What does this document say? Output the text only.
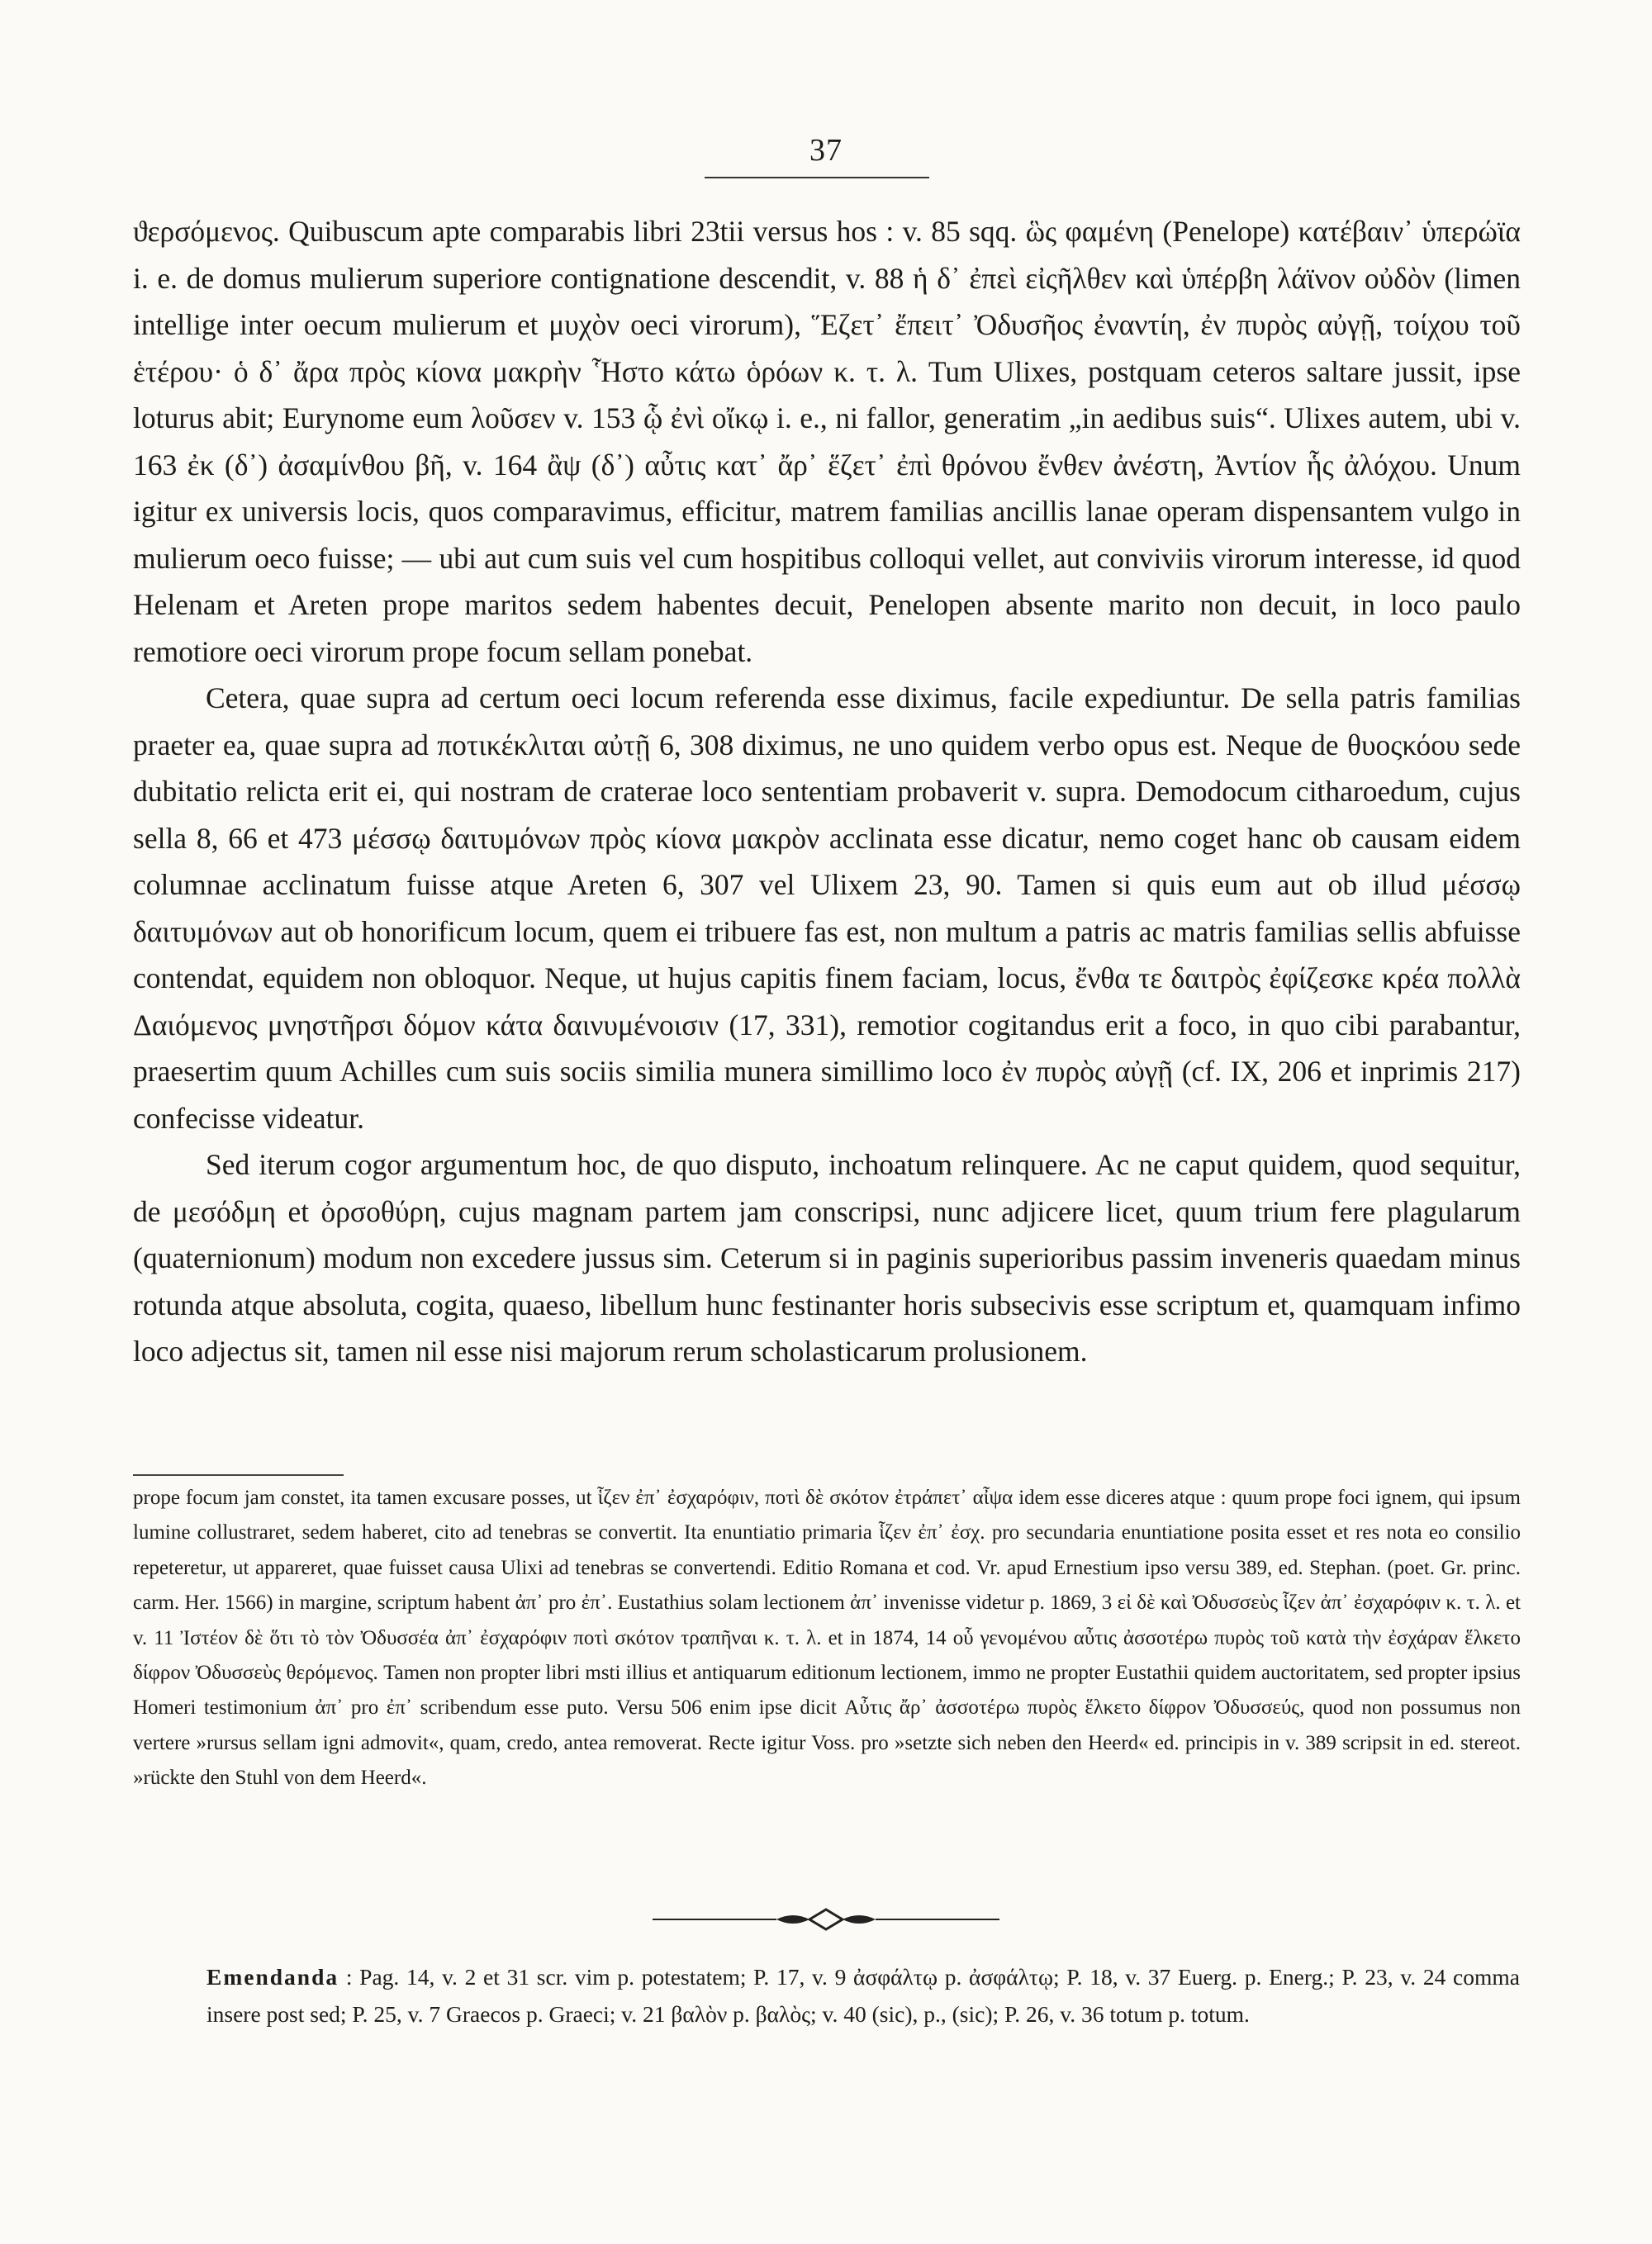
37

ϑερσόμενος. Quibuscum apte comparabis libri 23tii versus hos : v. 85 sqq. ὣς φαμένη (Penelope) κατέβαιν᾽ ὑπερώϊα i. e. de domus mulierum superiore contignatione descendit, v. 88 ἡ δ᾽ ἐπεὶ εἰςῆλθεν καὶ ὑπέρβη λάϊνον οὐδὸν (limen intellige inter oecum mulierum et μυχὸν oeci virorum), Ἕζετ᾽ ἔπειτ᾽ Ὀδυσῆος ἐναντίη, ἐν πυρὸς αὐγῇ, τοίχου τοῦ ἑτέρου· ὁ δ᾽ ἄρα πρὸς κίονα μακρὴν Ἧστο κάτω ὁρόων κ. τ. λ. Tum Ulixes, postquam ceteros saltare jussit, ipse loturus abit; Eurynome eum λοῦσεν v. 153 ᾧ ἐνὶ οἴκῳ i. e., ni fallor, generatim „in aedibus suis“. Ulixes autem, ubi v. 163 ἐκ (δ᾽) ἀσαμίνθου βῆ, v. 164 ἂψ (δ᾽) αὖτις κατ᾽ ἄρ᾽ ἕζετ᾽ ἐπὶ θρόνου ἔνθεν ἀνέστη, Ἀντίον ἧς ἀλόχου. Unum igitur ex universis locis, quos comparavimus, efficitur, matrem familias ancillis lanae operam dispensantem vulgo in mulierum oeco fuisse; — ubi aut cum suis vel cum hospitibus colloqui vellet, aut conviviis virorum interesse, id quod Helenam et Areten prope maritos sedem habentes decuit, Penelopen absente marito non decuit, in loco paulo remotiore oeci virorum prope focum sellam ponebat.

Cetera, quae supra ad certum oeci locum referenda esse diximus, facile expediuntur. De sella patris familias praeter ea, quae supra ad ποτικέκλιται αὐτῇ 6, 308 diximus, ne uno quidem verbo opus est. Neque de θυοςκόου sede dubitatio relicta erit ei, qui nostram de craterae loco sententiam probaverit v. supra. Demodocum citharoedum, cujus sella 8, 66 et 473 μέσσῳ δαιτυμόνων πρὸς κίονα μακρὸν acclinata esse dicatur, nemo coget hanc ob causam eidem columnae acclinatum fuisse atque Areten 6, 307 vel Ulixem 23, 90. Tamen si quis eum aut ob illud μέσσῳ δαιτυμόνων aut ob honorificum locum, quem ei tribuere fas est, non multum a patris ac matris familias sellis abfuisse contendat, equidem non obloquor. Neque, ut hujus capitis finem faciam, locus, ἔνθα τε δαιτρὸς ἐφίζεσκε κρέα πολλὰ Δαιόμενος μνηστῆρσι δόμον κάτα δαινυμένοισιν (17, 331), remotior cogitandus erit a foco, in quo cibi parabantur, praesertim quum Achilles cum suis sociis similia munera simillimo loco ἐν πυρὸς αὐγῇ (cf. IX, 206 et inprimis 217) confecisse videatur.

Sed iterum cogor argumentum hoc, de quo disputo, inchoatum relinquere. Ac ne caput quidem, quod sequitur, de μεσόδμη et ὀρσοθύρη, cujus magnam partem jam conscripsi, nunc adjicere licet, quum trium fere plagularum (quaternionum) modum non excedere jussus sim. Ceterum si in paginis superioribus passim inveneris quaedam minus rotunda atque absoluta, cogita, quaeso, libellum hunc festinanter horis subsecivis esse scriptum et, quamquam infimo loco adjectus sit, tamen nil esse nisi majorum rerum scholasticarum prolusionem.

prope focum jam constet, ita tamen excusare posses, ut ἷζεν ἐπ᾽ ἐσχαρόφιν, ποτὶ δὲ σκότον ἐτράπετ᾽ αἶψα idem esse diceres atque : quum prope foci ignem, qui ipsum lumine collustraret, sedem haberet, cito ad tenebras se convertit. Ita enuntiatio primaria ἷζεν ἐπ᾽ ἐσχ. pro secundaria enuntiatione posita esset et res nota eo consilio repeteretur, ut appareret, quae fuisset causa Ulixi ad tenebras se convertendi. Editio Romana et cod. Vr. apud Ernestium ipso versu 389, ed. Stephan. (poet. Gr. princ. carm. Her. 1566) in margine, scriptum habent ἀπ᾽ pro ἐπ᾽. Eustathius solam lectionem ἀπ᾽ invenisse videtur p. 1869, 3 εἰ δὲ καὶ Ὀδυσσεὺς ἷζεν ἀπ᾽ ἐσχαρόφιν κ. τ. λ. et v. 11 Ἰστέον δὲ ὅτι τὸ τὸν Ὀδυσσέα ἀπ᾽ ἐσχαρόφιν ποτὶ σκότον τραπῆναι κ. τ. λ. et in 1874, 14 οὗ γενομένου αὖτις ἀσσοτέρω πυρὸς τοῦ κατὰ τὴν ἐσχάραν ἕλκετο δίφρον Ὀδυσσεὺς θερόμενος. Tamen non propter libri msti illius et antiquarum editionum lectionem, immo ne propter Eustathii quidem auctoritatem, sed propter ipsius Homeri testimonium ἀπ᾽ pro ἐπ᾽ scribendum esse puto. Versu 506 enim ipse dicit Αὖτις ἄρ᾽ ἀσσοτέρω πυρὸς ἕλκετο δίφρον Ὀδυσσεύς, quod non possumus non vertere »rursus sellam igni admovit«, quam, credo, antea removerat. Recte igitur Voss. pro »setzte sich neben den Heerd« ed. principis in v. 389 scripsit in ed. stereot. »rückte den Stuhl von dem Heerd«.
Emendanda : Pag. 14, v. 2 et 31 scr. vim p. potestatem; P. 17, v. 9 ἀσφάλτῳ p. ἀσφάλτῳ; P. 18, v. 37 Euerg. p. Energ.; P. 23, v. 24 comma insere post sed; P. 25, v. 7 Graecos p. Graeci; v. 21 βαλὸν p. βαλὸς; v. 40 (sic), p., (sic); P. 26, v. 36 totum p. totum.
